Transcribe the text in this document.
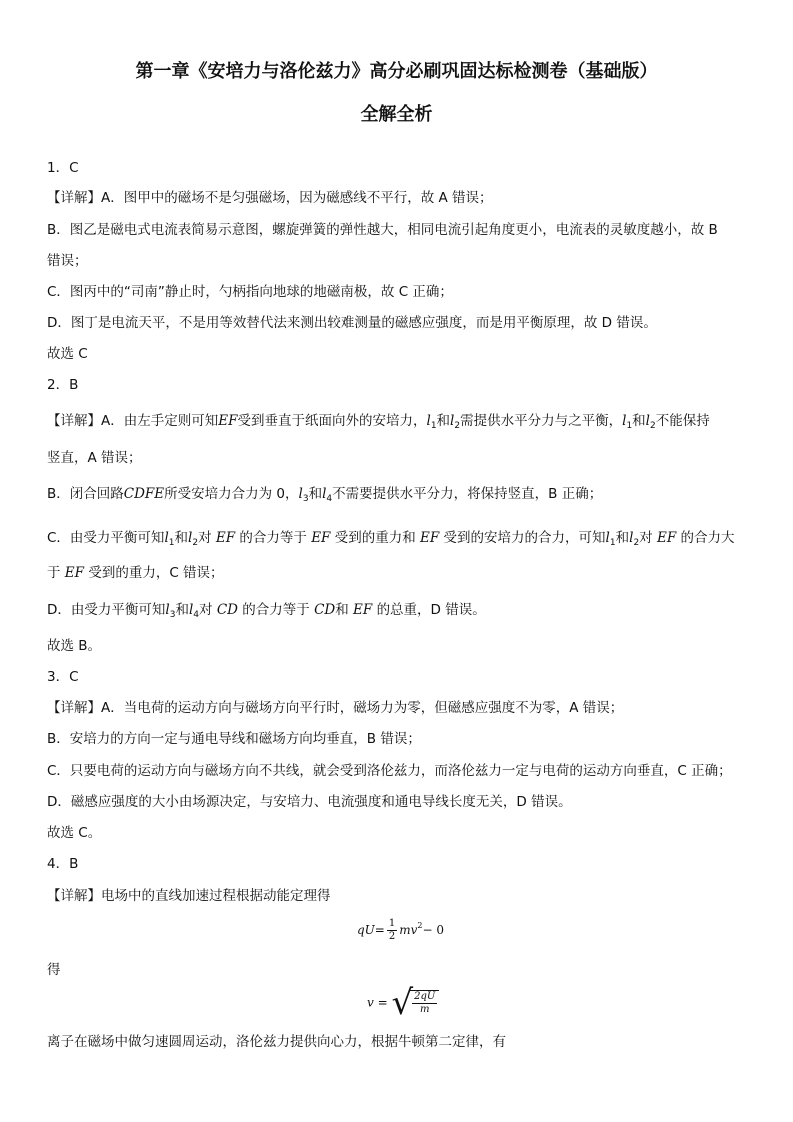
第一章《安培力与洛伦兹力》高分必刷巩固达标检测卷（基础版）
全解全析
1．C
【详解】A．图甲中的磁场不是匀强磁场，因为磁感线不平行，故 A 错误；
B．图乙是磁电式电流表简易示意图，螺旋弹簧的弹性越大，相同电流引起角度更小，电流表的灵敏度越小，故 B
错误；
C．图丙中的“司南”静止时，勺柄指向地球的地磁南极，故 C 正确；
D．图丁是电流天平，不是用等效替代法来测出较难测量的磁感应强度，而是用平衡原理，故 D 错误。
故选 C
2．B
【详解】A．由左手定则可知EF受到垂直于纸面向外的安培力，$l_1$和$l_2$需提供水平分力与之平衡，$l_1$和$l_2$不能保持
竖直，A 错误；
B．闭合回路CDFE所受安培力合力为 0，$l_3$和$l_4$不需要提供水平分力，将保持竖直，B 正确；
C．由受力平衡可知$l_1$和$l_2$对 EF 的合力等于 EF 受到的重力和 EF 受到的安培力的合力，可知$l_1$和$l_2$对 EF 的合力大
于 EF 受到的重力，C 错误；
D．由受力平衡可知$l_3$和$l_4$对 CD 的合力等于 CD和 EF 的总重，D 错误。
故选 B。
3．C
【详解】A．当电荷的运动方向与磁场方向平行时，磁场力为零，但磁感应强度不为零，A 错误；
B．安培力的方向一定与通电导线和磁场方向均垂直，B 错误；
C．只要电荷的运动方向与磁场方向不共线，就会受到洛伦兹力，而洛伦兹力一定与电荷的运动方向垂直，C 正确；
D．磁感应强度的大小由场源决定，与安培力、电流强度和通电导线长度无关，D 错误。
故选 C。
4．B
【详解】电场中的直线加速过程根据动能定理得
$qU= \frac{1}{2} mv^2- 0$
得
v = √ $\frac{2qU}{m}$
离子在磁场中做匀速圆周运动，洛伦兹力提供向心力，根据牛顿第二定律，有
